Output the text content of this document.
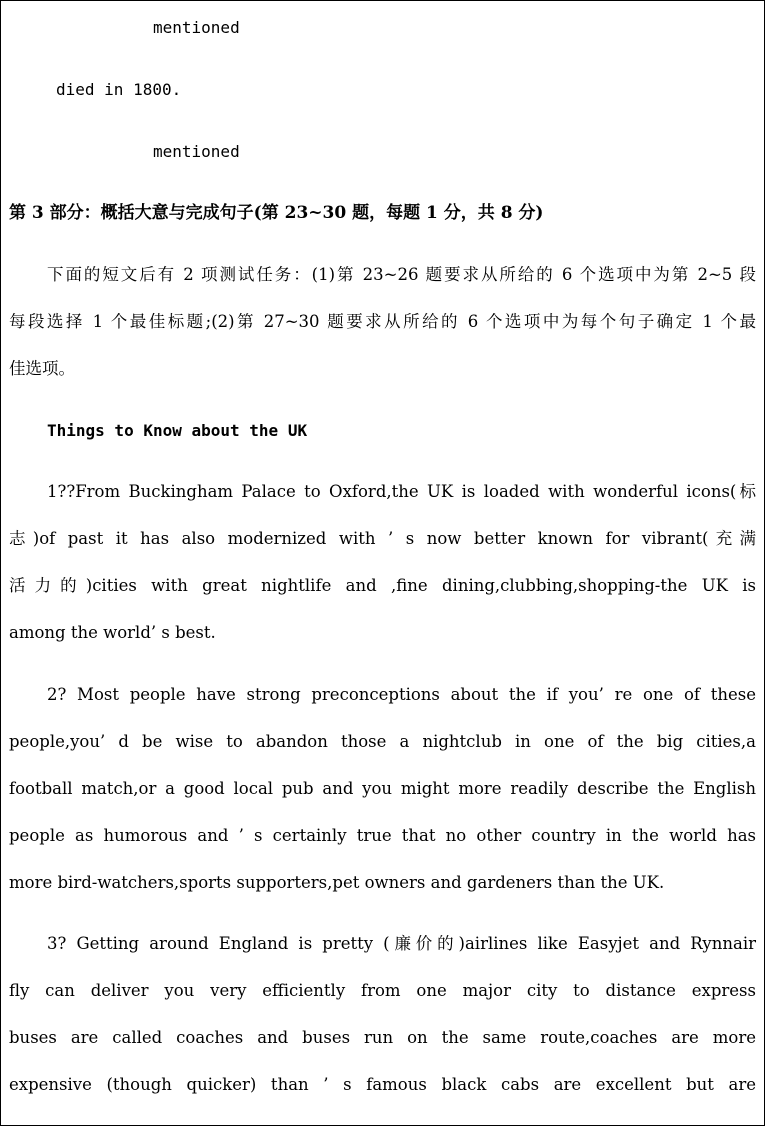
mentioned
died in 1800.
mentioned
第 3 部分：概括大意与完成句子(第 23~30 题，每题 1 分，共 8 分)
下面的短文后有 2 项测试任务：(1)第 23~26 题要求从所给的 6 个选项中为第 2~5 段
每段选择 1 个最佳标题;(2)第 27~30 题要求从所给的 6 个选项中为每个句子确定 1 个最
佳选项。
Things to Know about the UK
1??From Buckingham Palace to Oxford,the UK is loaded with wonderful icons(标
志)of past it has also modernized with ’ s now better known for vibrant(充满
活力的)cities with great nightlife and ,fine dining,clubbing,shopping-the UK is
among the world’ s best.
2? Most people have strong preconceptions about the if you’ re one of these
people,you’ d be wise to abandon those a nightclub in one of the big cities,a
football match,or a good local pub and you might more readily describe the English
people as humorous and ’ s certainly true that no other country in the world has
more bird-watchers,sports supporters,pet owners and gardeners than the UK.
3? Getting around England is pretty (廉价的)airlines like Easyjet and Rynnair
fly can deliver you very efficiently from one major city to distance express
buses are called coaches and buses run on the same route,coaches are more
expensive (though quicker) than ’ s famous black cabs are excellent but are
